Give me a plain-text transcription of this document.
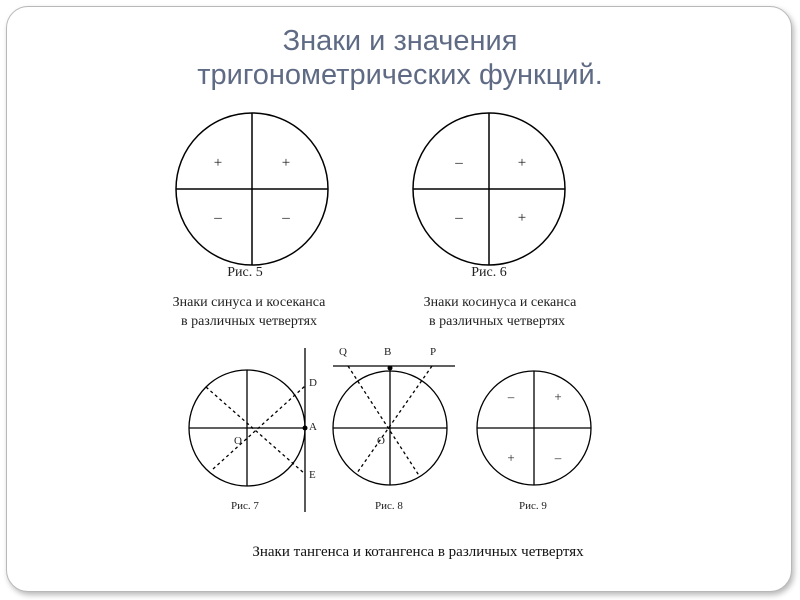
Знаки и значения
тригонометрических функций.
+
+
–	–
Рис. 5
Знаки синуса и косеканса
в различных четвертях
+
–
–	+
Рис. 6
Знаки косинуса и секанса
в различных четвертях
O
D
A
E
Рис. 7
O
Q	B	P
Рис. 8
+
–
+	–
Рис. 9
Знаки тангенса и котангенса в различных четвертях
